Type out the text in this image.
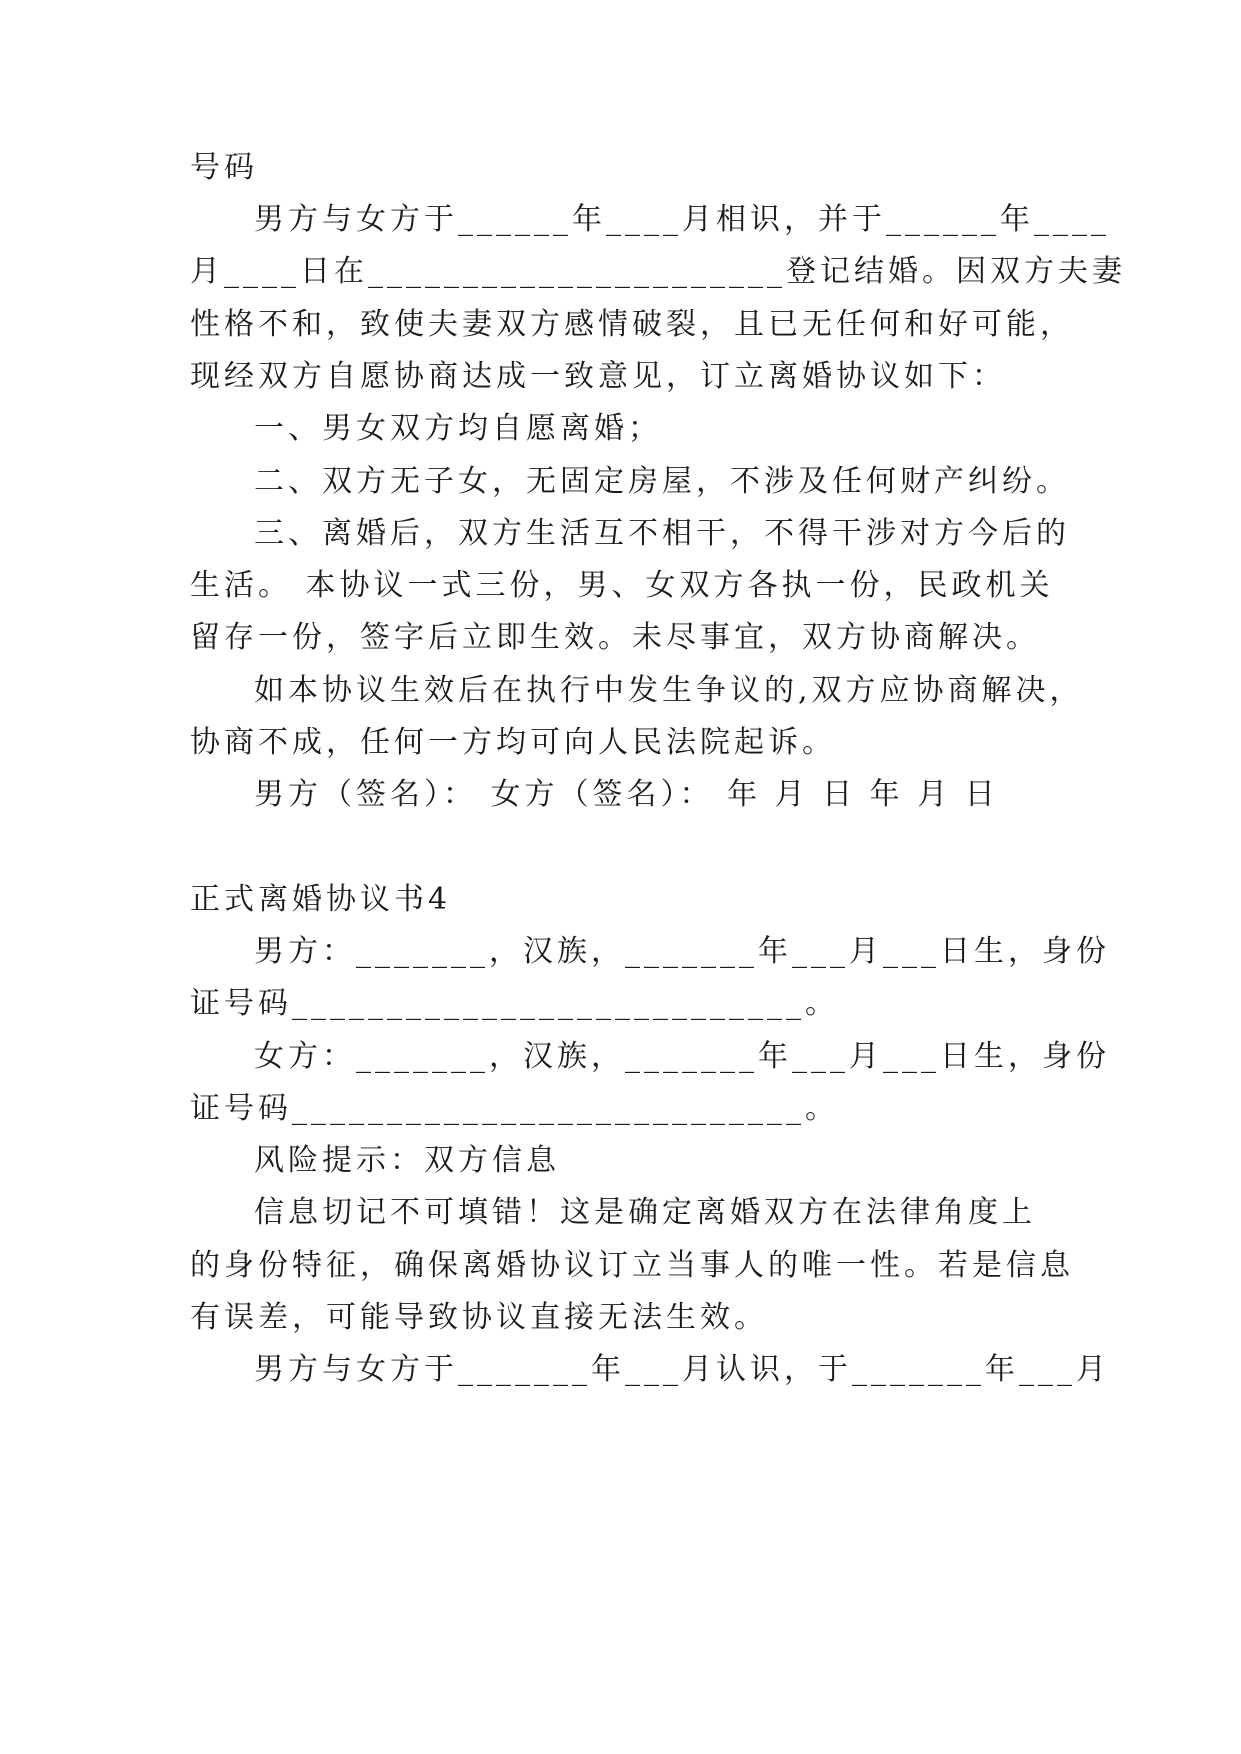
号码
男方与女方于______年____月相识，并于______年____
月____日在______________________登记结婚。因双方夫妻
性格不和，致使夫妻双方感情破裂，且已无任何和好可能，
现经双方自愿协商达成一致意见，订立离婚协议如下：
一、男女双方均自愿离婚；
二、双方无子女，无固定房屋，不涉及任何财产纠纷。
三、离婚后，双方生活互不相干，不得干涉对方今后的
生活。 本协议一式三份，男、女双方各执一份，民政机关
留存一份，签字后立即生效。未尽事宜，双方协商解决。
如本协议生效后在执行中发生争议的,双方应协商解决，
协商不成，任何一方均可向人民法院起诉。
男方（签名）： 女方（签名）： 年 月 日 年 月 日
正式离婚协议书4
男方：_______，汉族，_______年___月___日生，身份
证号码___________________________。
女方：_______，汉族，_______年___月___日生，身份
证号码___________________________。
风险提示：双方信息
信息切记不可填错！这是确定离婚双方在法律角度上
的身份特征，确保离婚协议订立当事人的唯一性。若是信息
有误差，可能导致协议直接无法生效。
男方与女方于_______年___月认识，于_______年___月
